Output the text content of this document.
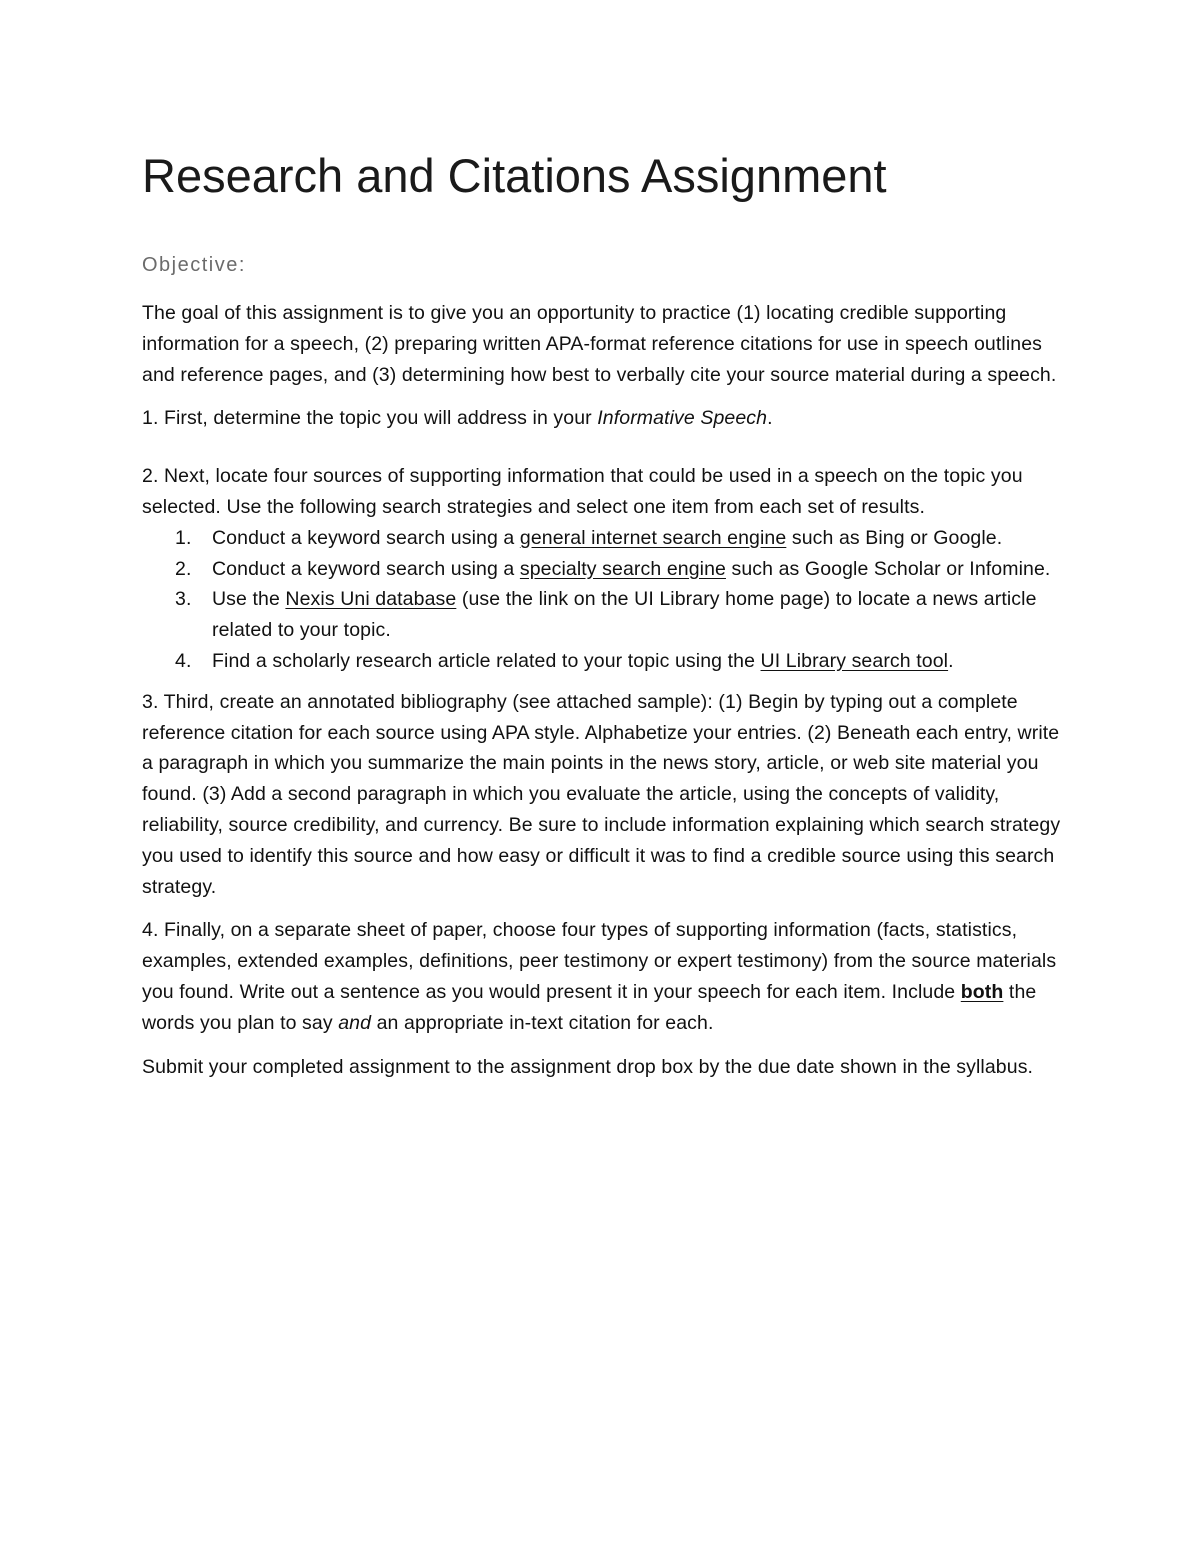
Research and Citations Assignment
Objective:

The goal of this assignment is to give you an opportunity to practice (1) locating credible supporting information for a speech, (2) preparing written APA-format reference citations for use in speech outlines and reference pages, and (3) determining how best to verbally cite your source material during a speech.

1. First, determine the topic you will address in your Informative Speech.

2. Next, locate four sources of supporting information that could be used in a speech on the topic you selected. Use the following search strategies and select one item from each set of results.

1. Conduct a keyword search using a general internet search engine such as Bing or Google.
2. Conduct a keyword search using a specialty search engine such as Google Scholar or Infomine.
3. Use the Nexis Uni database (use the link on the UI Library home page) to locate a news article related to your topic.
4. Find a scholarly research article related to your topic using the UI Library search tool.

3. Third, create an annotated bibliography (see attached sample): (1) Begin by typing out a complete reference citation for each source using APA style. Alphabetize your entries. (2) Beneath each entry, write a paragraph in which you summarize the main points in the news story, article, or web site material you found. (3) Add a second paragraph in which you evaluate the article, using the concepts of validity, reliability, source credibility, and currency. Be sure to include information explaining which search strategy you used to identify this source and how easy or difficult it was to find a credible source using this search strategy.

4. Finally, on a separate sheet of paper, choose four types of supporting information (facts, statistics, examples, extended examples, definitions, peer testimony or expert testimony) from the source materials you found. Write out a sentence as you would present it in your speech for each item. Include both the words you plan to say and an appropriate in-text citation for each.

Submit your completed assignment to the assignment drop box by the due date shown in the syllabus.
